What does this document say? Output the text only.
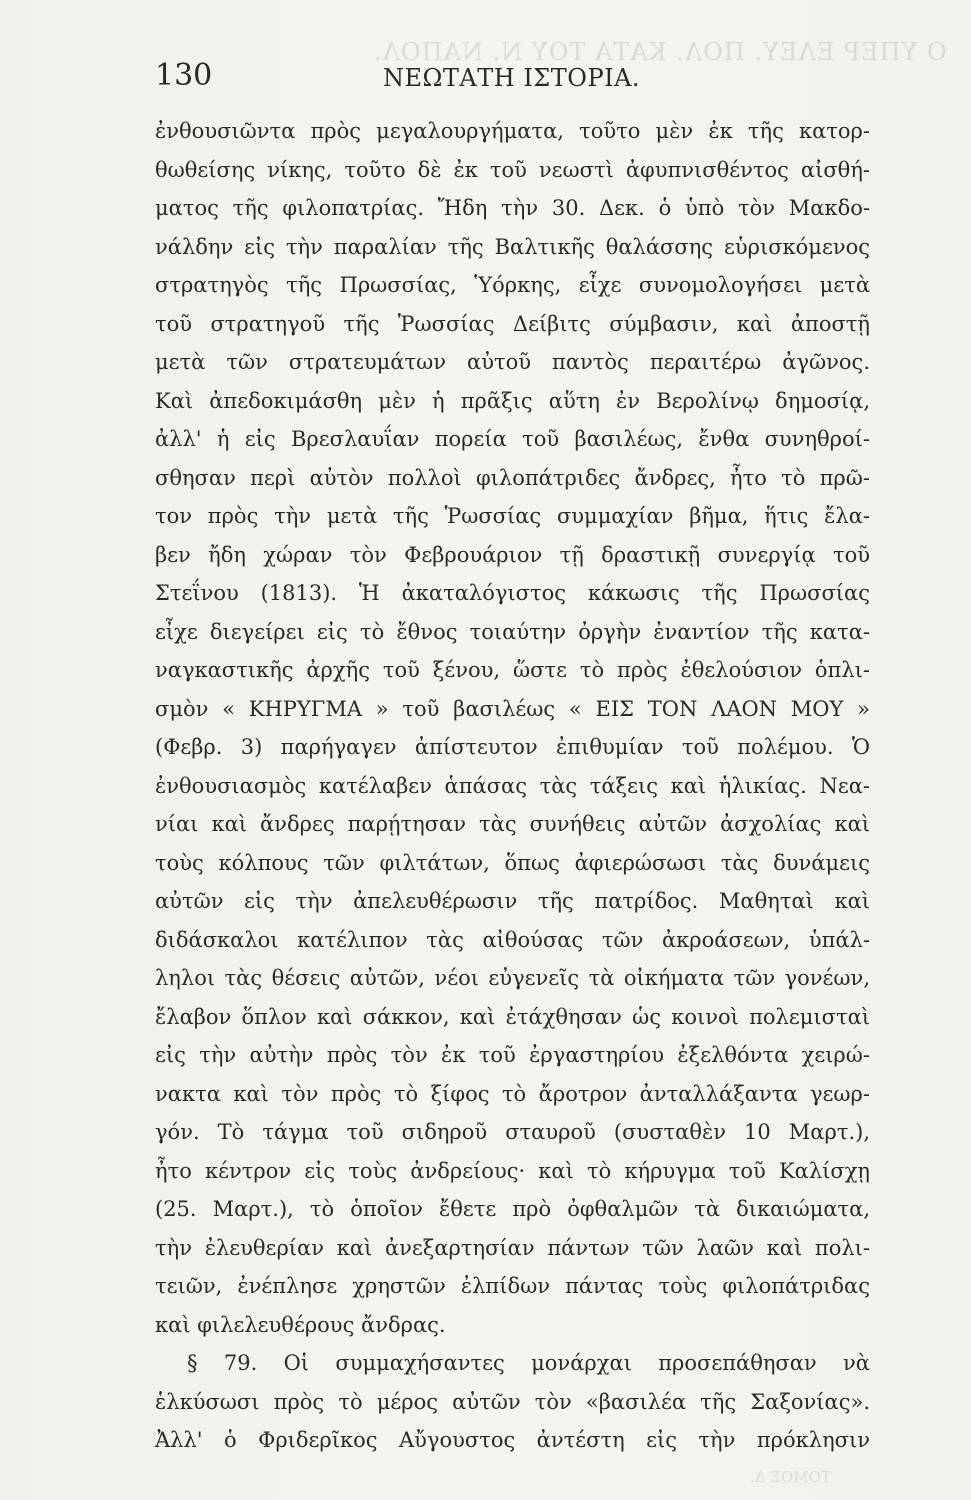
Ο ΥΠΕΡ ΕΛΕΥ. ΠΟΛ. ΚΑΤΑ ΤΟΥ Ν. ΝΑΠΟΛ.
130	ΝΕΩΤΑΤΗ ΙΣΤΟΡΙΑ.
ἐνθουσιῶντα πρὸς μεγαλουργήματα, τοῦτο μὲν ἐκ τῆς κατορ-
θωθείσης νίκης, τοῦτο δὲ ἐκ τοῦ νεωστὶ ἀφυπνισθέντος αἰσθή-
ματος τῆς φιλοπατρίας. Ἤδη τὴν 30. Δεκ. ὁ ὑπὸ τὸν Μακδο-
νάλδην εἰς τὴν παραλίαν τῆς Βαλτικῆς θαλάσσης εὑρισκόμενος
στρατηγὸς τῆς Πρωσσίας, Ὑόρκης, εἶχε συνομολογήσει μετὰ
τοῦ στρατηγοῦ τῆς Ῥωσσίας Δείβιτς σύμβασιν, καὶ ἀποστῇ
μετὰ τῶν στρατευμάτων αὐτοῦ παντὸς περαιτέρω ἀγῶνος.
Καὶ ἀπεδοκιμάσθη μὲν ἡ πρᾶξις αὕτη ἐν Βερολίνῳ δημοσίᾳ,
ἀλλ' ἡ εἰς Βρεσλαυΐαν πορεία τοῦ βασιλέως, ἔνθα συνηθροί-
σθησαν περὶ αὐτὸν πολλοὶ φιλοπάτριδες ἄνδρες, ἦτο τὸ πρῶ-
τον πρὸς τὴν μετὰ τῆς Ῥωσσίας συμμαχίαν βῆμα, ἥτις ἔλα-
βεν ἤδη χώραν τὸν Φεβρουάριον τῇ δραστικῇ συνεργίᾳ τοῦ
Στεΐνου (1813). Ἡ ἀκαταλόγιστος κάκωσις τῆς Πρωσσίας
εἶχε διεγείρει εἰς τὸ ἔθνος τοιαύτην ὀργὴν ἐναντίον τῆς κατα-
ναγκαστικῆς ἀρχῆς τοῦ ξένου, ὥστε τὸ πρὸς ἐθελούσιον ὁπλι-
σμὸν « ΚΗΡΥΓΜΑ » τοῦ βασιλέως « ΕΙΣ ΤΟΝ ΛΑΟΝ ΜΟΥ »
(Φεβρ. 3) παρήγαγεν ἀπίστευτον ἐπιθυμίαν τοῦ πολέμου. Ὁ
ἐνθουσιασμὸς κατέλαβεν ἁπάσας τὰς τάξεις καὶ ἡλικίας. Νεα-
νίαι καὶ ἄνδρες παρῄτησαν τὰς συνήθεις αὐτῶν ἀσχολίας καὶ
τοὺς κόλπους τῶν φιλτάτων, ὅπως ἀφιερώσωσι τὰς δυνάμεις
αὐτῶν εἰς τὴν ἀπελευθέρωσιν τῆς πατρίδος. Μαθηταὶ καὶ
διδάσκαλοι κατέλιπον τὰς αἰθούσας τῶν ἀκροάσεων, ὑπάλ-
ληλοι τὰς θέσεις αὐτῶν, νέοι εὐγενεῖς τὰ οἰκήματα τῶν γονέων,
ἔλαβον ὅπλον καὶ σάκκον, καὶ ἐτάχθησαν ὡς κοινοὶ πολεμισταὶ
εἰς τὴν αὐτὴν πρὸς τὸν ἐκ τοῦ ἐργαστηρίου ἐξελθόντα χειρώ-
νακτα καὶ τὸν πρὸς τὸ ξίφος τὸ ἄροτρον ἀνταλλάξαντα γεωρ-
γόν. Τὸ τάγμα τοῦ σιδηροῦ σταυροῦ (συσταθὲν 10 Μαρτ.),
ἦτο κέντρον εἰς τοὺς ἀνδρείους· καὶ τὸ κήρυγμα τοῦ Καλίσχῃ
(25. Μαρτ.), τὸ ὁποῖον ἔθετε πρὸ ὀφθαλμῶν τὰ δικαιώματα,
τὴν ἐλευθερίαν καὶ ἀνεξαρτησίαν πάντων τῶν λαῶν καὶ πολι-
τειῶν, ἐνέπλησε χρηστῶν ἐλπίδων πάντας τοὺς φιλοπάτριδας
καὶ φιλελευθέρους ἄνδρας.
§ 79. Οἱ συμμαχήσαντες μονάρχαι προσεπάθησαν νὰ
ἑλκύσωσι πρὸς τὸ μέρος αὐτῶν τὸν «βασιλέα τῆς Σαξονίας».
Ἀλλ' ὁ Φριδερῖκος Αὔγουστος ἀντέστη εἰς τὴν πρόκλησιν
ΤΟΜΟΣ Δ.
